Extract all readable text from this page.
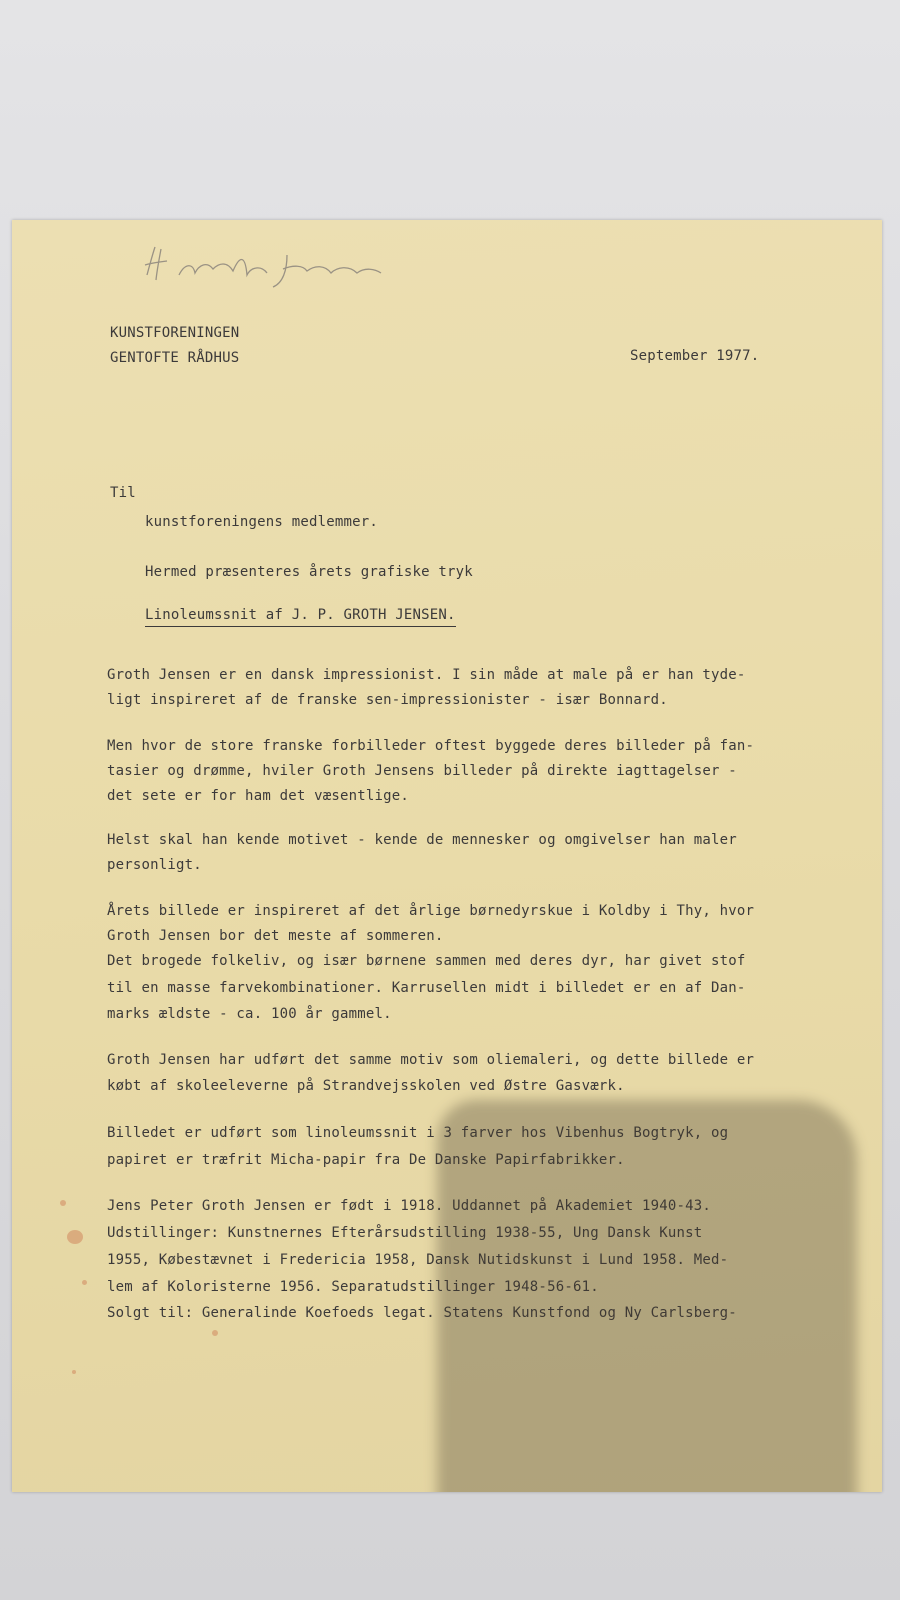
KUNSTFORENINGEN
GENTOFTE RÅDHUS	September 1977.
Til
kunstforeningens medlemmer.
Hermed præsenteres årets grafiske tryk
Linoleumssnit af J. P. GROTH JENSEN.
Groth Jensen er en dansk impressionist. I sin måde at male på er han tyde-
ligt inspireret af de franske sen-impressionister - især Bonnard.
Men hvor de store franske forbilleder oftest byggede deres billeder på fan-
tasier og drømme, hviler Groth Jensens billeder på direkte iagttagelser -
det sete er for ham det væsentlige.
Helst skal han kende motivet - kende de mennesker og omgivelser han maler
personligt.
Årets billede er inspireret af det årlige børnedyrskue i Koldby i Thy, hvor
Groth Jensen bor det meste af sommeren.
Det brogede folkeliv, og især børnene sammen med deres dyr, har givet stof
til en masse farvekombinationer. Karrusellen midt i billedet er en af Dan-
marks ældste - ca. 100 år gammel.
Groth Jensen har udført det samme motiv som oliemaleri, og dette billede er
købt af skoleeleverne på Strandvejsskolen ved Østre Gasværk.
Billedet er udført som linoleumssnit i 3 farver hos Vibenhus Bogtryk, og
papiret er træfrit Micha-papir fra De Danske Papirfabrikker.
Jens Peter Groth Jensen er født i 1918. Uddannet på Akademiet 1940-43.
Udstillinger: Kunstnernes Efterårsudstilling 1938-55, Ung Dansk Kunst
1955, Købestævnet i Fredericia 1958, Dansk Nutidskunst i Lund 1958. Med-
lem af Koloristerne 1956. Separatudstillinger 1948-56-61.
Solgt til: Generalinde Koefoeds legat. Statens Kunstfond og Ny Carlsberg-
